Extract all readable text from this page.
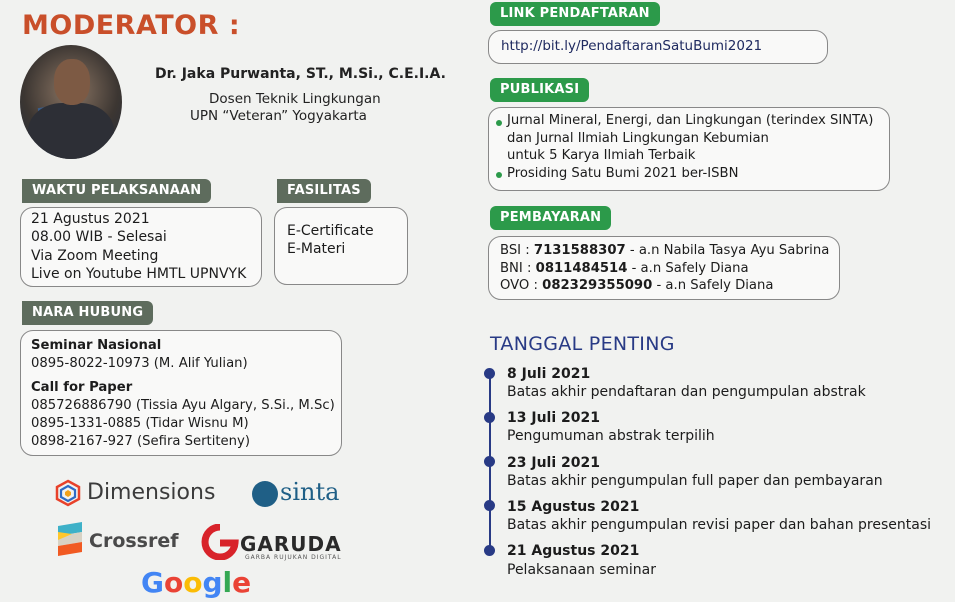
MODERATOR :
Dr. Jaka Purwanta, ST., M.Si., C.E.I.A.
Dosen Teknik Lingkungan
UPN “Veteran” Yogyakarta
WAKTU PELAKSANAAN
21 Agustus 2021
08.00 WIB - Selesai
Via Zoom Meeting
Live on Youtube HMTL UPNVYK
FASILITAS
E-Certificate
E-Materi
NARA HUBUNG
Seminar Nasional
0895-8022-10973 (M. Alif Yulian)
Call for Paper
085726886790 (Tissia Ayu Algary, S.Si., M.Sc)
0895-1331-0885 (Tidar Wisnu M)
0898-2167-927 (Sefira Sertiteny)
Dimensions	sinta
Crossref	GARUDA
GARBA RUJUKAN DIGITAL
Google
LINK PENDAFTARAN
http://bit.ly/PendaftaranSatuBumi2021
PUBLIKASI
Jurnal Mineral, Energi, dan Lingkungan (terindex SINTA)
dan Jurnal Ilmiah Lingkungan Kebumian
untuk 5 Karya Ilmiah Terbaik
Prosiding Satu Bumi 2021 ber-ISBN
PEMBAYARAN
BSI : 7131588307 - a.n Nabila Tasya Ayu Sabrina
BNI : 0811484514 - a.n Safely Diana
OVO : 082329355090 - a.n Safely Diana
TANGGAL PENTING
8 Juli 2021
Batas akhir pendaftaran dan pengumpulan abstrak
13 Juli 2021
Pengumuman abstrak terpilih
23 Juli 2021
Batas akhir pengumpulan full paper dan pembayaran
15 Agustus 2021
Batas akhir pengumpulan revisi paper dan bahan presentasi
21 Agustus 2021
Pelaksanaan seminar
